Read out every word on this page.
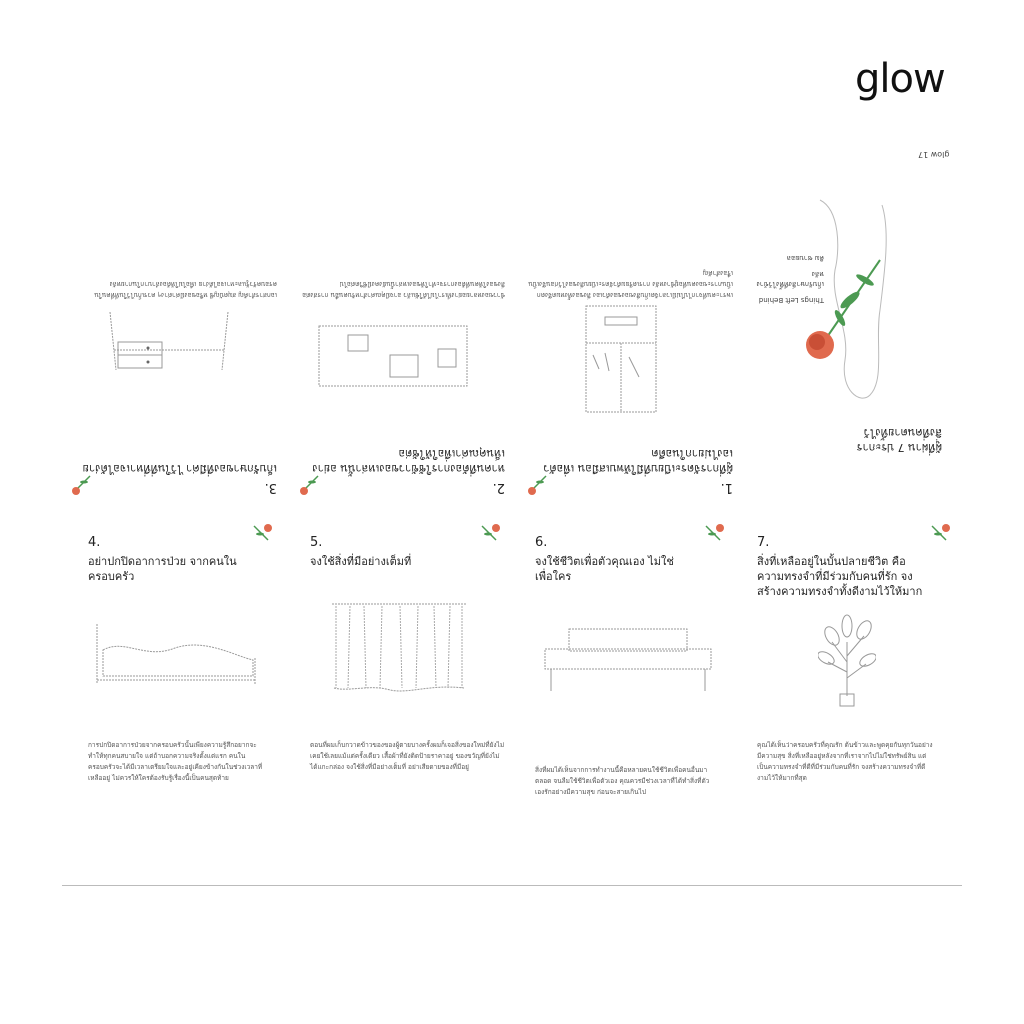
glow
glow 17
ผู้ที่ผ่าน 7 ประการ
สิ่งที่คนตายทิ้งไว้
Things Left Behind
เก็บรักษาสิ่งที่ทิ้งไว้ข้างหลัง
คิม ซาบยอล
1.
ผู้ที่การจัดระเบียบที่มีให้พบเสมือน เพื่อตัวเองไม่ยากในอดีต
เพราะคนที่จากไปไม่มีเวลาจัดเก็บสิ่งของของตัวเอง สิ่งของทั้งหมดจึงตกเป็นภาระของคนที่อยู่ข้างหลัง การเตรียมตัวจัดระเบียบสิ่งของไว้ก่อนจึงเป็นเรื่องสำคัญ
2.
หาคนที่ต้องการใช้ข้าวของเหล่านั้น อย่างเห็นคุณค่าเพื่อให้ใช้ต่อ
ข้าวของหลายอย่างที่เราไม่ได้ใช้แล้ว อาจมีคุณค่าสำหรับคนอื่น การส่งต่อสิ่งของให้คนที่ต้องการจะทำให้ของเหล่านั้นยังคงมีชีวิตต่อไป
3.
เก็บรักษาของที่มีค่า ไว้ในที่ที่หาเจอได้ง่าย
เอกสารสำคัญ สมุดบัญชี หรือของมีค่าต่างๆ ควรเก็บไว้ในที่ที่คนในครอบครัวรู้และหาเจอได้ง่าย เพื่อไม่ให้ต้องลำบากในภายหลัง
4.
อย่าปกปิดอาการป่วย จากคนในครอบครัว
การปกปิดอาการป่วยจากครอบครัวนั้นเพียงความรู้สึกอยากจะทำให้ทุกคนสบายใจ แต่ถ้าบอกความจริงตั้งแต่แรก คนในครอบครัวจะได้มีเวลาเตรียมใจและอยู่เคียงข้างกันในช่วงเวลาที่เหลืออยู่ ไม่ควรให้ใครต้องรับรู้เรื่องนี้เป็นคนสุดท้าย
5.
จงใช้สิ่งที่มีอย่างเต็มที่
ตอนที่ผมเก็บกวาดข้าวของของผู้ตายบางครั้งผมก็เจอสิ่งของใหม่ที่ยังไม่เคยใช้เลยแม้แต่ครั้งเดียว เสื้อผ้าที่ยังติดป้ายราคาอยู่ ของขวัญที่ยังไม่ได้แกะกล่อง จงใช้สิ่งที่มีอย่างเต็มที่ อย่าเสียดายของที่มีอยู่
6.
จงใช้ชีวิตเพื่อตัวคุณเอง ไม่ใช่เพื่อใคร
สิ่งที่ผมได้เห็นจากการทำงานนี้คือหลายคนใช้ชีวิตเพื่อคนอื่นมาตลอด จนลืมใช้ชีวิตเพื่อตัวเอง คุณควรมีช่วงเวลาที่ได้ทำสิ่งที่ตัวเองรักอย่างมีความสุข ก่อนจะสายเกินไป
7.
สิ่งที่เหลืออยู่ในบั้นปลายชีวิต คือความทรงจำที่มีร่วมกับคนที่รัก จงสร้างความทรงจำทั้งดีงามไว้ให้มาก
คุณได้เห็นว่าครอบครัวที่คุณรัก ต้นข้าวและพูดคุยกันทุกวันอย่างมีความสุข สิ่งที่เหลืออยู่หลังจากที่เราจากไปไม่ใช่ทรัพย์สิน แต่เป็นความทรงจำที่ดีที่มีร่วมกับคนที่รัก จงสร้างความทรงจำที่ดีงามไว้ให้มากที่สุด
